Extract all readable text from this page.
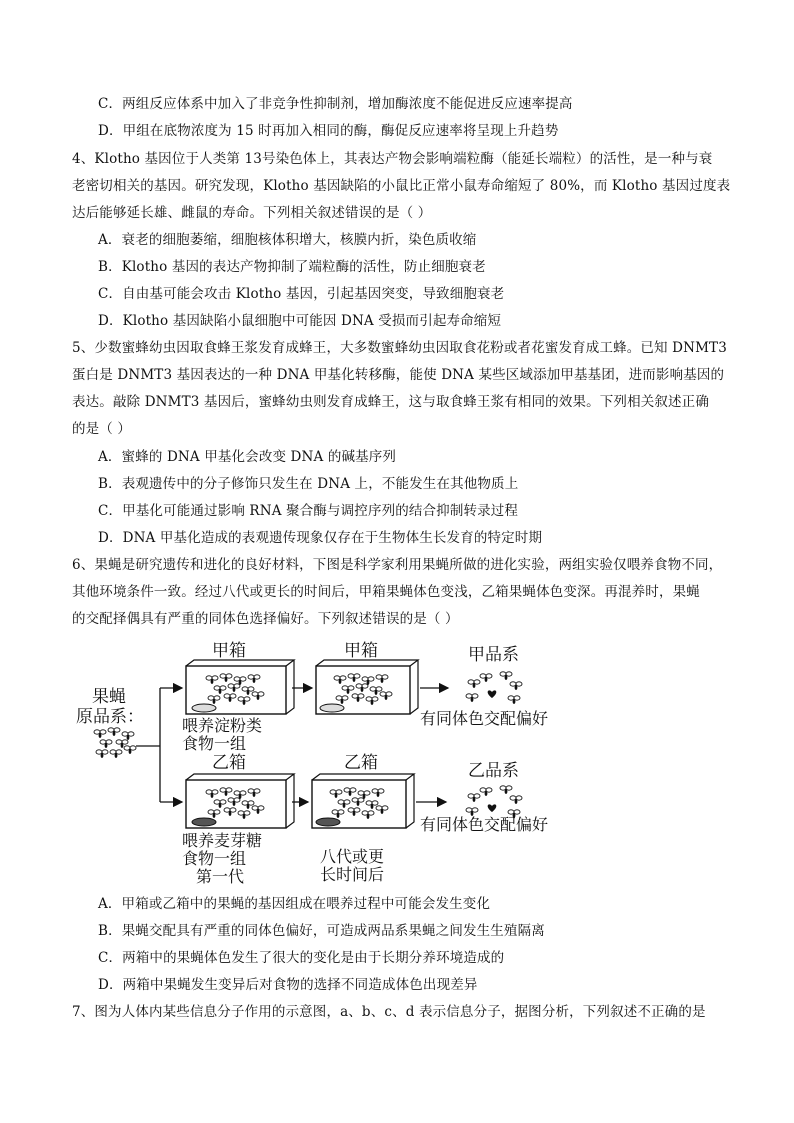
C．两组反应体系中加入了非竞争性抑制剂，增加酶浓度不能促进反应速率提高
D．甲组在底物浓度为 15 时再加入相同的酶，酶促反应速率将呈现上升趋势
4、Klotho 基因位于人类第 13号染色体上，其表达产物会影响端粒酶（能延长端粒）的活性，是一种与衰
老密切相关的基因。研究发现，Klotho 基因缺陷的小鼠比正常小鼠寿命缩短了 80%，而 Klotho 基因过度表
达后能够延长雄、雌鼠的寿命。下列相关叙述错误的是（ ）
A．衰老的细胞萎缩，细胞核体积增大，核膜内折，染色质收缩
B．Klotho 基因的表达产物抑制了端粒酶的活性，防止细胞衰老
C．自由基可能会攻击 Klotho 基因，引起基因突变，导致细胞衰老
D．Klotho 基因缺陷小鼠细胞中可能因 DNA 受损而引起寿命缩短
5、少数蜜蜂幼虫因取食蜂王浆发育成蜂王，大多数蜜蜂幼虫因取食花粉或者花蜜发育成工蜂。已知 DNMT3
蛋白是 DNMT3 基因表达的一种 DNA 甲基化转移酶，能使 DNA 某些区域添加甲基基团，进而影响基因的
表达。敲除 DNMT3 基因后，蜜蜂幼虫则发育成蜂王，这与取食蜂王浆有相同的效果。下列相关叙述正确
的是（ ）
A．蜜蜂的 DNA 甲基化会改变 DNA 的碱基序列
B．表观遗传中的分子修饰只发生在 DNA 上，不能发生在其他物质上
C．甲基化可能通过影响 RNA 聚合酶与调控序列的结合抑制转录过程
D．DNA 甲基化造成的表观遗传现象仅存在于生物体生长发育的特定时期
6、果蝇是研究遗传和进化的良好材料，下图是科学家利用果蝇所做的进化实验，两组实验仅喂养食物不同，
其他环境条件一致。经过八代或更长的时间后，甲箱果蝇体色变浅，乙箱果蝇体色变深。再混养时，果蝇
的交配择偶具有严重的同体色选择偏好。下列叙述错误的是（ ）
果蝇
原品系：
甲箱
喂养淀粉类
食物一组
甲箱	甲品系
有同体色交配偏好
乙箱
喂养麦芽糖
食物一组
第一代
乙箱
八代或更
长时间后
乙品系
有同体色交配偏好
A．甲箱或乙箱中的果蝇的基因组成在喂养过程中可能会发生变化
B．果蝇交配具有严重的同体色偏好，可造成两品系果蝇之间发生生殖隔离
C．两箱中的果蝇体色发生了很大的变化是由于长期分养环境造成的
D．两箱中果蝇发生变异后对食物的选择不同造成体色出现差异
7、图为人体内某些信息分子作用的示意图，a、b、c、d 表示信息分子，据图分析，下列叙述不正确的是
